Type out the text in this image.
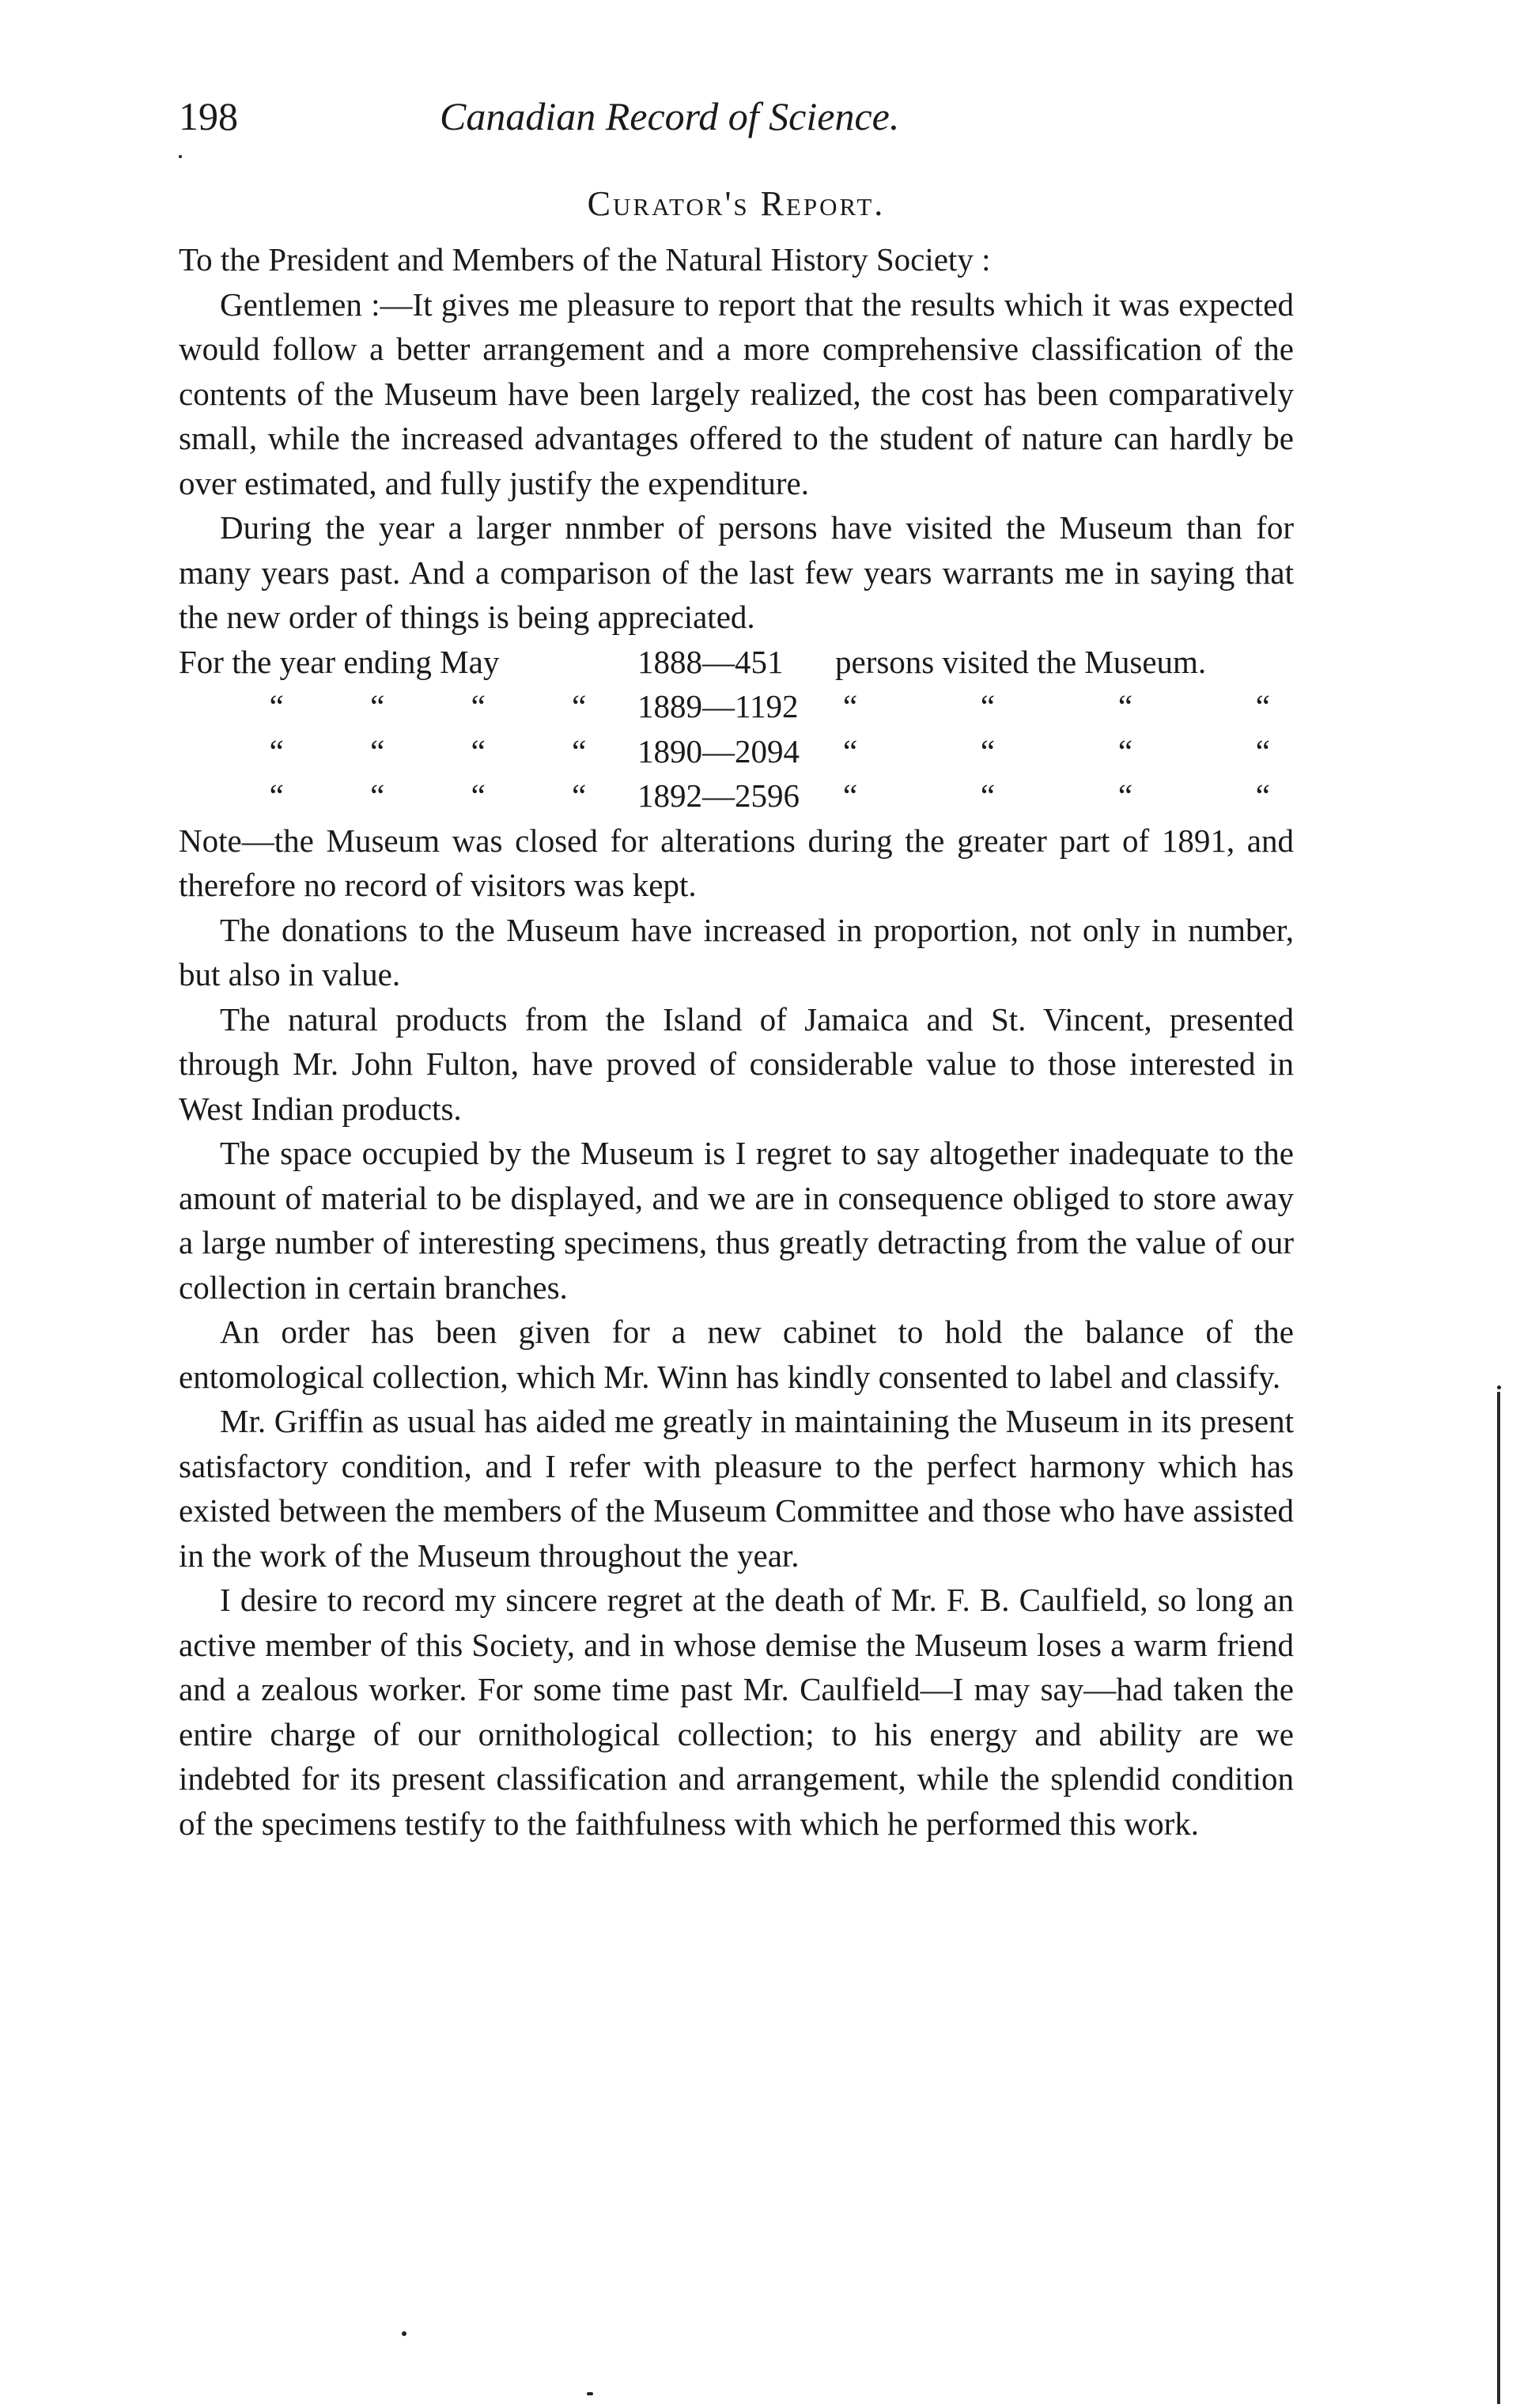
198	Canadian Record of Science.
Curator's Report.

To the President and Members of the Natural History Society :

Gentlemen :—It gives me pleasure to report that the results which it was expected would follow a better arrangement and a more comprehensive classification of the contents of the Museum have been largely realized, the cost has been comparatively small, while the increased advantages offered to the student of nature can hardly be over estimated, and fully justify the expenditure.

During the year a larger nnmber of persons have visited the Museum than for many years past. And a comparison of the last few years warrants me in saying that the new order of things is being appreciated.

For the year ending May	1888—451	persons visited the Museum.
“	“	“	“ 1889—1192	“	“	“	“
“	“	“	“ 1890—2094	“	“	“	“
“	“	“	“ 1892—2596	“	“	“	“

Note—the Museum was closed for alterations during the greater part of 1891, and therefore no record of visitors was kept.

The donations to the Museum have increased in proportion, not only in number, but also in value.

The natural products from the Island of Jamaica and St. Vincent, presented through Mr. John Fulton, have proved of considerable value to those interested in West Indian products.

The space occupied by the Museum is I regret to say altogether inadequate to the amount of material to be displayed, and we are in consequence obliged to store away a large number of interesting specimens, thus greatly detracting from the value of our collection in certain branches.

An order has been given for a new cabinet to hold the balance of the entomological collection, which Mr. Winn has kindly consented to label and classify.

Mr. Griffin as usual has aided me greatly in maintaining the Museum in its present satisfactory condition, and I refer with pleasure to the perfect harmony which has existed between the members of the Museum Committee and those who have assisted in the work of the Museum throughout the year.

I desire to record my sincere regret at the death of Mr. F. B. Caulfield, so long an active member of this Society, and in whose demise the Museum loses a warm friend and a zealous worker. For some time past Mr. Caulfield—I may say—had taken the entire charge of our ornithological collection; to his energy and ability are we indebted for its present classification and arrangement, while the splendid condition of the specimens testify to the faithfulness with which he performed this work.
